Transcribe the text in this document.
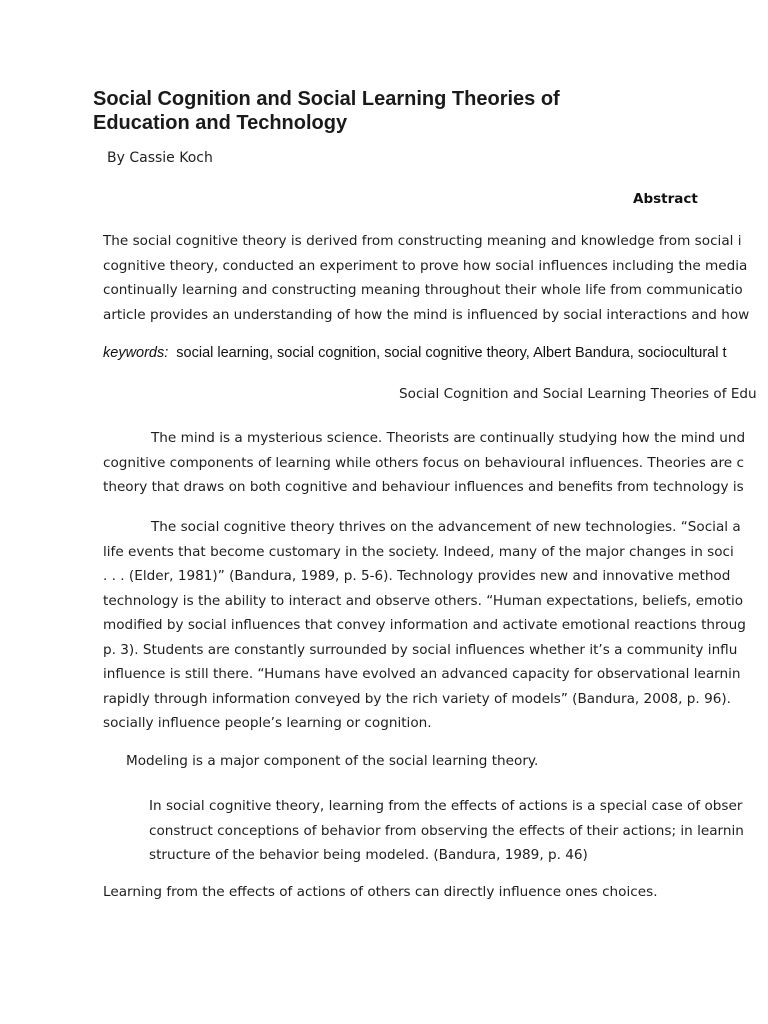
Social Cognition and Social Learning Theories of
Education and Technology
By Cassie Koch
Abstract
The social cognitive theory is derived from constructing meaning and knowledge from social i
cognitive theory, conducted an experiment to prove how social influences including the media
continually learning and constructing meaning throughout their whole life from communicatio
article provides an understanding of how the mind is influenced by social interactions and how
keywords: social learning, social cognition, social cognitive theory, Albert Bandura, sociocultural t
Social Cognition and Social Learning Theories of Edu
The mind is a mysterious science. Theorists are continually studying how the mind und
cognitive components of learning while others focus on behavioural influences. Theories are c
theory that draws on both cognitive and behaviour influences and benefits from technology is
The social cognitive theory thrives on the advancement of new technologies. “Social a
life events that become customary in the society. Indeed, many of the major changes in soci
. . . (Elder, 1981)” (Bandura, 1989, p. 5-6). Technology provides new and innovative method
technology is the ability to interact and observe others. “Human expectations, beliefs, emotio
modified by social influences that convey information and activate emotional reactions throug
p. 3). Students are constantly surrounded by social influences whether it’s a community influ
influence is still there. “Humans have evolved an advanced capacity for observational learnin
rapidly through information conveyed by the rich variety of models” (Bandura, 2008, p. 96).
socially influence people’s learning or cognition.
Modeling is a major component of the social learning theory.
In social cognitive theory, learning from the effects of actions is a special case of obser
construct conceptions of behavior from observing the effects of their actions; in learnin
structure of the behavior being modeled. (Bandura, 1989, p. 46)
Learning from the effects of actions of others can directly influence ones choices.
